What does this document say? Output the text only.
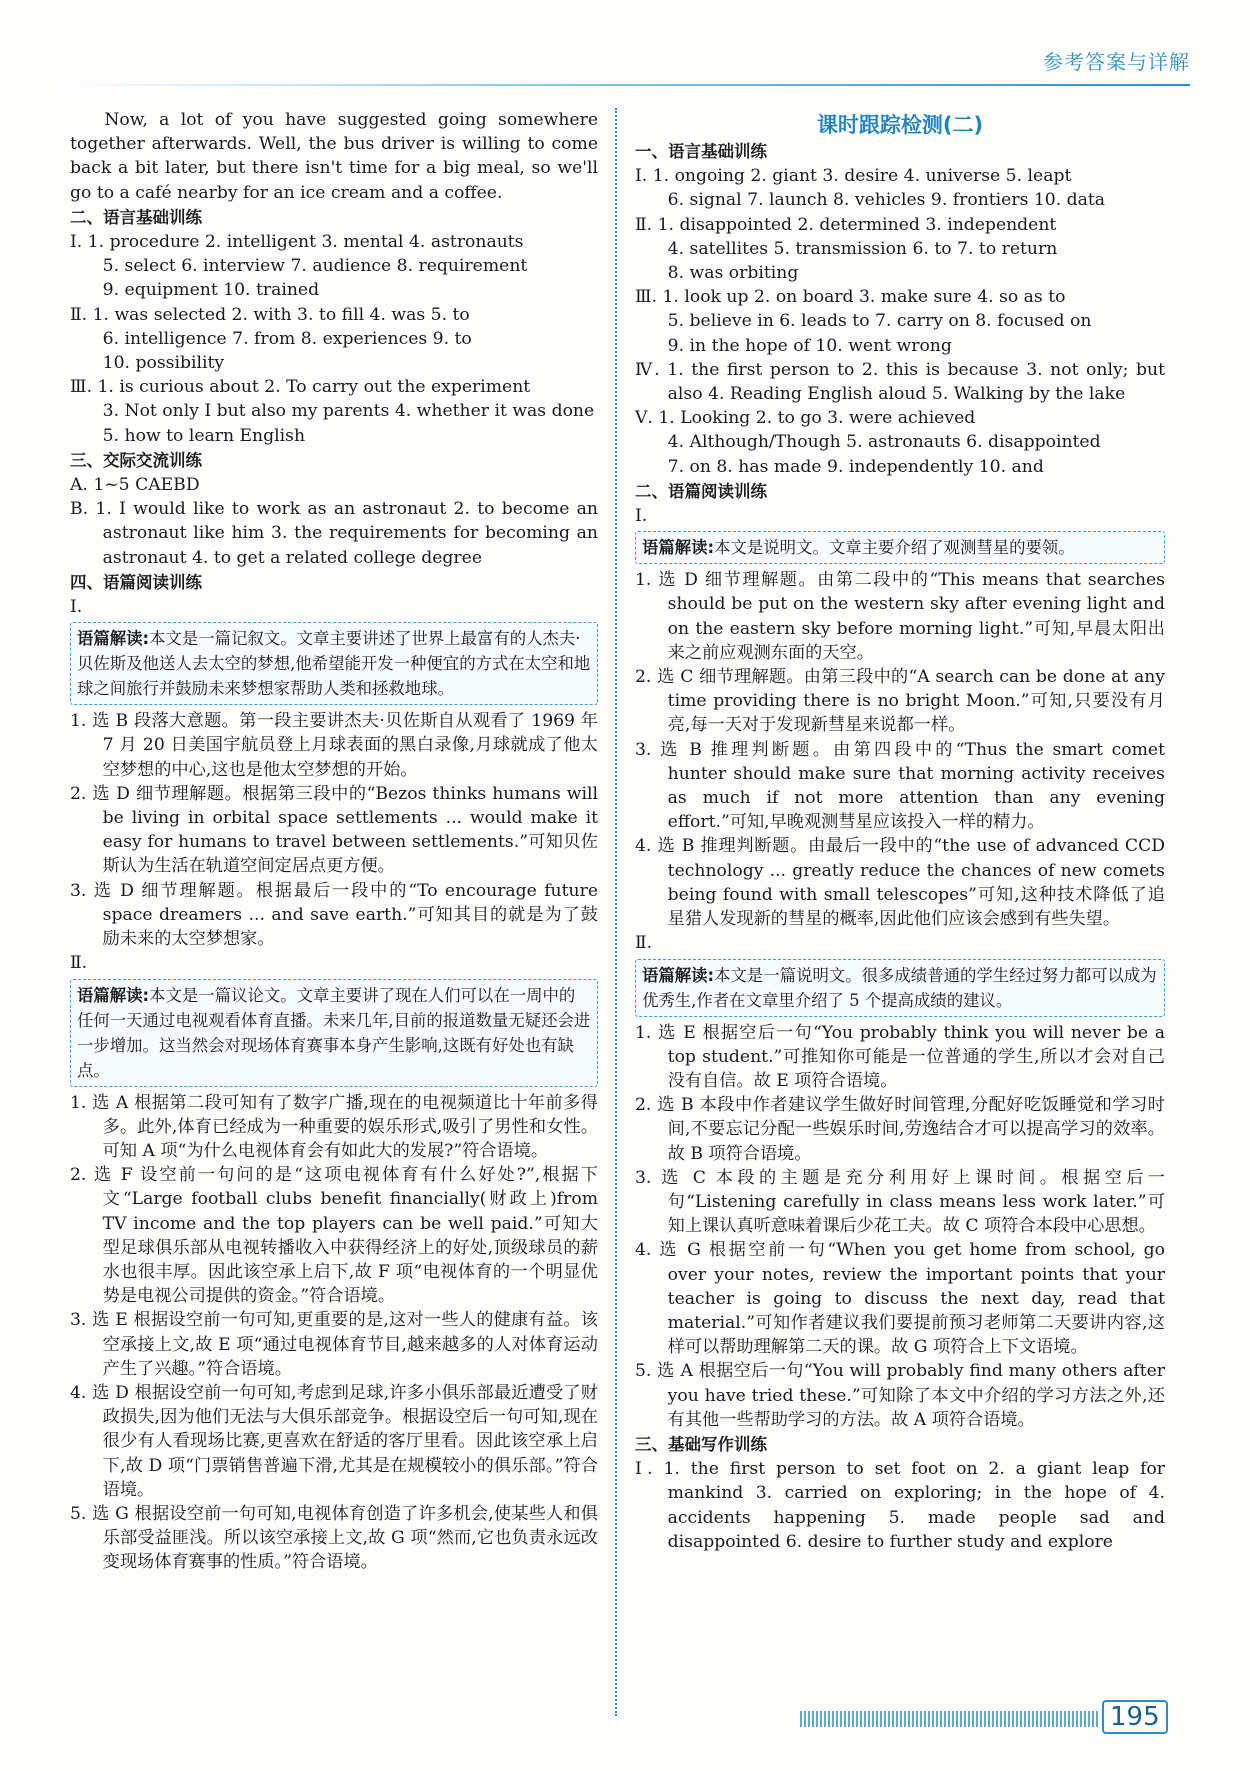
参考答案与详解

Now, a lot of you have suggested going somewhere together afterwards. Well, the bus driver is willing to come back a bit later, but there isn't time for a big meal, so we'll go to a café nearby for an ice cream and a coffee.

二、语言基础训练

Ⅰ. 1. procedure 2. intelligent 3. mental 4. astronauts

5. select 6. interview 7. audience 8. requirement

9. equipment 10. trained

Ⅱ. 1. was selected 2. with 3. to fill 4. was 5. to

6. intelligence 7. from 8. experiences 9. to

10. possibility

Ⅲ. 1. is curious about 2. To carry out the experiment

3. Not only I but also my parents 4. whether it was done

5. how to learn English

三、交际交流训练

A. 1~5 CAEBD

B. 1. I would like to work as an astronaut 2. to become an astronaut like him 3. the requirements for becoming an astronaut 4. to get a related college degree

四、语篇阅读训练

Ⅰ.

语篇解读:本文是一篇记叙文。文章主要讲述了世界上最富有的人杰夫·贝佐斯及他送人去太空的梦想,他希望能开发一种便宜的方式在太空和地球之间旅行并鼓励未来梦想家帮助人类和拯救地球。

1. 选 B 段落大意题。第一段主要讲杰夫·贝佐斯自从观看了 1969 年 7 月 20 日美国宇航员登上月球表面的黑白录像,月球就成了他太空梦想的中心,这也是他太空梦想的开始。

2. 选 D 细节理解题。根据第三段中的“Bezos thinks humans will be living in orbital space settlements ... would make it easy for humans to travel between settlements.”可知贝佐斯认为生活在轨道空间定居点更方便。

3. 选 D 细节理解题。根据最后一段中的“To encourage future space dreamers ... and save earth.”可知其目的就是为了鼓励未来的太空梦想家。

Ⅱ.

语篇解读:本文是一篇议论文。文章主要讲了现在人们可以在一周中的任何一天通过电视观看体育直播。未来几年,目前的报道数量无疑还会进一步增加。这当然会对现场体育赛事本身产生影响,这既有好处也有缺点。

1. 选 A 根据第二段可知有了数字广播,现在的电视频道比十年前多得多。此外,体育已经成为一种重要的娱乐形式,吸引了男性和女性。可知 A 项“为什么电视体育会有如此大的发展?”符合语境。

2. 选 F 设空前一句问的是“这项电视体育有什么好处?”,根据下文“Large football clubs benefit financially(财政上)from TV income and the top players can be well paid.”可知大型足球俱乐部从电视转播收入中获得经济上的好处,顶级球员的薪水也很丰厚。因此该空承上启下,故 F 项“电视体育的一个明显优势是电视公司提供的资金。”符合语境。

3. 选 E 根据设空前一句可知,更重要的是,这对一些人的健康有益。该空承接上文,故 E 项“通过电视体育节目,越来越多的人对体育运动产生了兴趣。”符合语境。

4. 选 D 根据设空前一句可知,考虑到足球,许多小俱乐部最近遭受了财政损失,因为他们无法与大俱乐部竞争。根据设空后一句可知,现在很少有人看现场比赛,更喜欢在舒适的客厅里看。因此该空承上启下,故 D 项“门票销售普遍下滑,尤其是在规模较小的俱乐部。”符合语境。

5. 选 G 根据设空前一句可知,电视体育创造了许多机会,使某些人和俱乐部受益匪浅。所以该空承接上文,故 G 项“然而,它也负责永远改变现场体育赛事的性质。”符合语境。

课时跟踪检测(二)

一、语言基础训练

Ⅰ. 1. ongoing 2. giant 3. desire 4. universe 5. leapt

6. signal 7. launch 8. vehicles 9. frontiers 10. data

Ⅱ. 1. disappointed 2. determined 3. independent

4. satellites 5. transmission 6. to 7. to return

8. was orbiting

Ⅲ. 1. look up 2. on board 3. make sure 4. so as to

5. believe in 6. leads to 7. carry on 8. focused on

9. in the hope of 10. went wrong

Ⅳ. 1. the first person to 2. this is because 3. not only; but also 4. Reading English aloud 5. Walking by the lake

Ⅴ. 1. Looking 2. to go 3. were achieved

4. Although/Though 5. astronauts 6. disappointed

7. on 8. has made 9. independently 10. and

二、语篇阅读训练

Ⅰ.

语篇解读:本文是说明文。文章主要介绍了观测彗星的要领。

1. 选 D 细节理解题。由第二段中的“This means that searches should be put on the western sky after evening light and on the eastern sky before morning light.”可知,早晨太阳出来之前应观测东面的天空。

2. 选 C 细节理解题。由第三段中的“A search can be done at any time providing there is no bright Moon.”可知,只要没有月亮,每一天对于发现新彗星来说都一样。

3. 选 B 推理判断题。由第四段中的“Thus the smart comet hunter should make sure that morning activity receives as much if not more attention than any evening effort.”可知,早晚观测彗星应该投入一样的精力。

4. 选 B 推理判断题。由最后一段中的“the use of advanced CCD technology ... greatly reduce the chances of new comets being found with small telescopes”可知,这种技术降低了追星猎人发现新的彗星的概率,因此他们应该会感到有些失望。

Ⅱ.

语篇解读:本文是一篇说明文。很多成绩普通的学生经过努力都可以成为优秀生,作者在文章里介绍了 5 个提高成绩的建议。

1. 选 E 根据空后一句“You probably think you will never be a top student.”可推知你可能是一位普通的学生,所以才会对自己没有自信。故 E 项符合语境。

2. 选 B 本段中作者建议学生做好时间管理,分配好吃饭睡觉和学习时间,不要忘记分配一些娱乐时间,劳逸结合才可以提高学习的效率。故 B 项符合语境。

3. 选 C 本段的主题是充分利用好上课时间。根据空后一句“Listening carefully in class means less work later.”可知上课认真听意味着课后少花工夫。故 C 项符合本段中心思想。

4. 选 G 根据空前一句“When you get home from school, go over your notes, review the important points that your teacher is going to discuss the next day, read that material.”可知作者建议我们要提前预习老师第二天要讲内容,这样可以帮助理解第二天的课。故 G 项符合上下文语境。

5. 选 A 根据空后一句“You will probably find many others after you have tried these.”可知除了本文中介绍的学习方法之外,还有其他一些帮助学习的方法。故 A 项符合语境。

三、基础写作训练

Ⅰ. 1. the first person to set foot on 2. a giant leap for mankind 3. carried on exploring; in the hope of 4. accidents happening 5. made people sad and disappointed 6. desire to further study and explore

195
